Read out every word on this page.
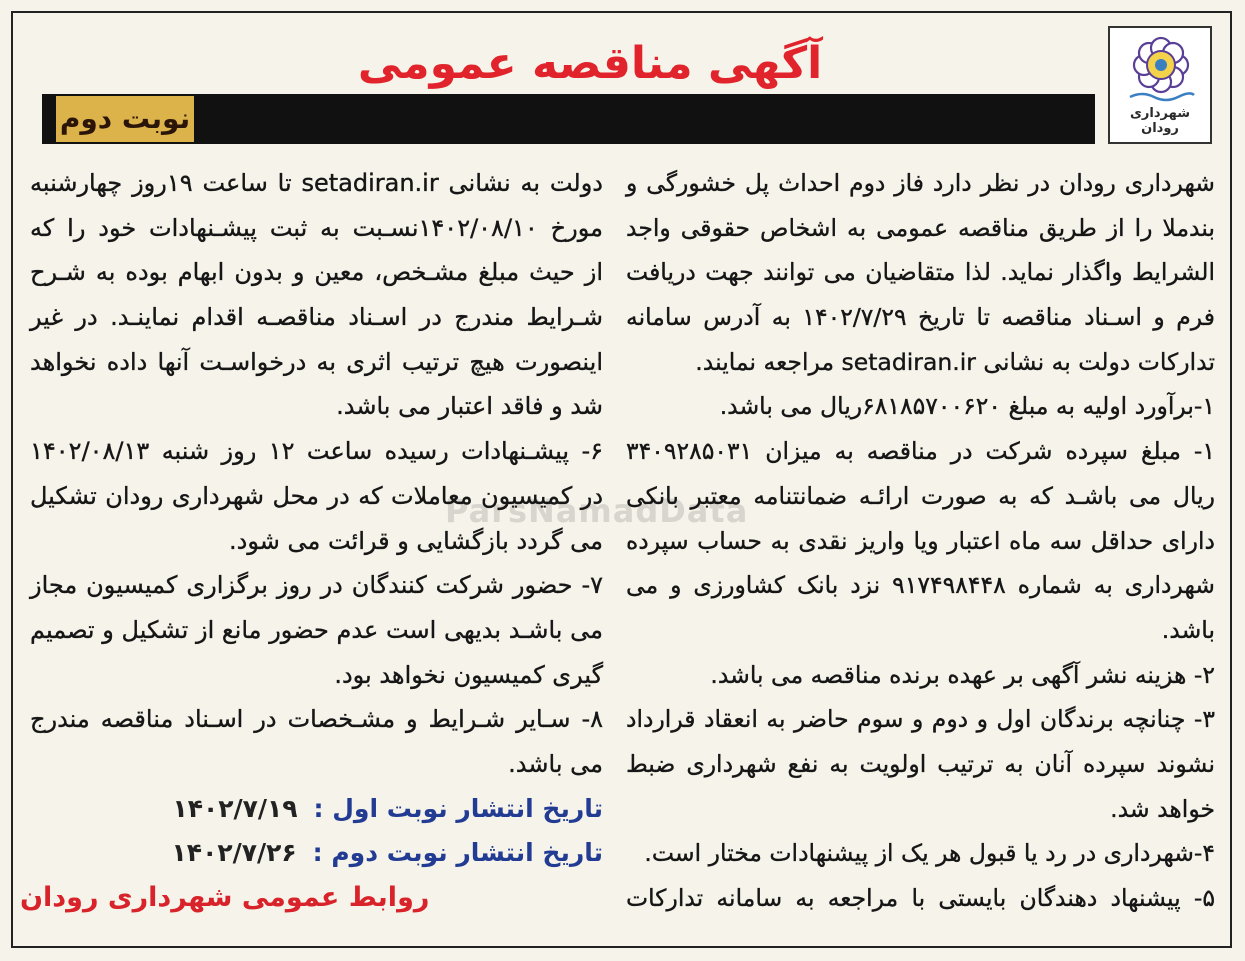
ParsNamadData
شهرداری رودان
آگهی مناقصه عمومی
نوبت دوم
شهرداری رودان در نظر دارد فاز دوم احداث پل خشورگی و
بندملا را از طریق مناقصه عمومی به اشخاص حقوقی واجد
الشرایط واگذار نماید. لذا متقاضیان می توانند جهت دریافت
فرم و اسـناد مناقصه تا تاریخ ۱۴۰۲/۷/۲۹ به آدرس سامانه
تدارکات دولت به نشانی setadiran.ir مراجعه نمایند.
۱-برآورد اولیه به مبلغ ۶۸۱۸۵۷۰۰۶۲۰ریال می باشد.
۱- مبلغ سپرده شرکت در مناقصه به میزان ۳۴۰۹۲۸۵۰۳۱
ریال می باشـد که به صورت ارائـه ضمانتنامه معتبر بانکی
دارای حداقل سه ماه اعتبار ویا واریز نقدی به حساب سپرده
شهرداری به شماره ۹۱۷۴۹۸۴۴۸ نزد بانک کشاورزی و می
باشد.
۲- هزینه نشر آگهی بر عهده برنده مناقصه می باشد.
۳- چنانچه برندگان اول و دوم و سوم حاضر به انعقاد قرارداد
نشوند سپرده آنان به ترتیب اولویت به نفع شهرداری ضبط
خواهد شد.
۴-شهرداری در رد یا قبول هر یک از پیشنهادات مختار است.
۵- پیشنهاد دهندگان بایستی با مراجعه به سامانه تدارکات
دولت به نشانی setadiran.ir تا ساعت ۱۹روز چهارشنبه
مورخ ۱۴۰۲/۰۸/۱۰نسـبت به ثبت پیشـنهادات خود را که
از حیث مبلغ مشـخص، معین و بدون ابهام بوده به شـرح
شـرایط مندرج در اسـناد مناقصـه اقدام نماینـد. در غیر
اینصورت هیچ ترتیب اثری به درخواسـت آنها داده نخواهد
شد و فاقد اعتبار می باشد.
۶- پیشـنهادات رسیده ساعت ۱۲ روز شنبه ۱۴۰۲/۰۸/۱۳
در کمیسیون معاملات که در محل شهرداری رودان تشکیل
می گردد بازگشایی و قرائت می شود.
۷- حضور شرکت کنندگان در روز برگزاری کمیسیون مجاز
می باشـد بدیهی است عدم حضور مانع از تشکیل و تصمیم
گیری کمیسیون نخواهد بود.
۸- سـایر شـرایط و مشـخصات در اسـناد مناقصه مندرج
می باشد.
تاریخ انتشار نوبت اول :۱۴۰۲/۷/۱۹
تاریخ انتشار نوبت دوم :۱۴۰۲/۷/۲۶
روابط عمومی شهرداری رودان
